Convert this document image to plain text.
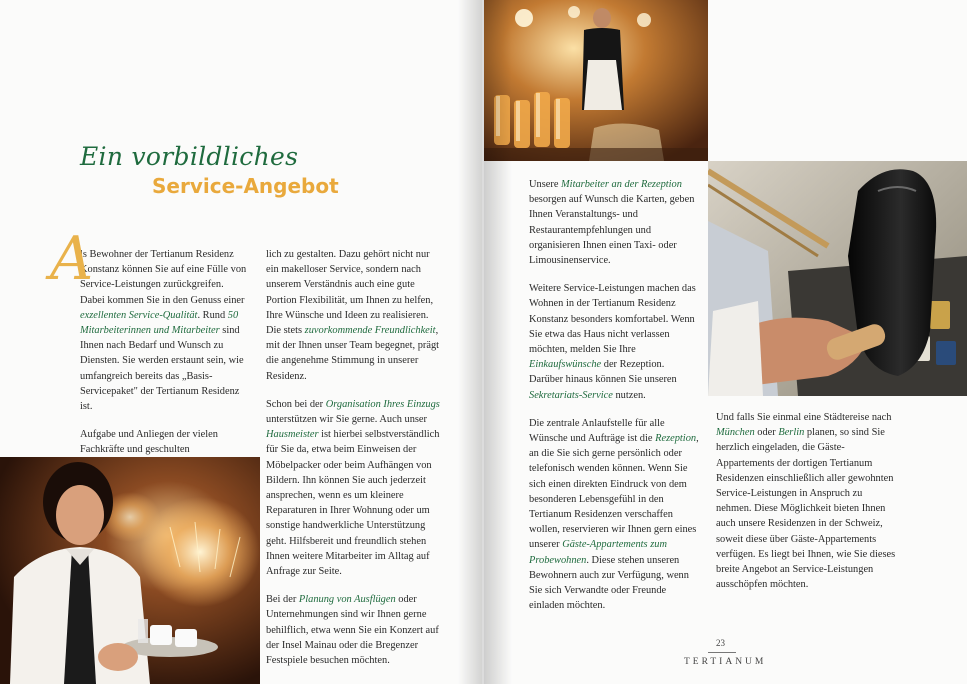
Ein vorbildliches
Service-Angebot
A

ls Bewohner der Tertianum Residenz Konstanz können Sie auf eine Fülle von Service-Leistungen zurückgreifen. Dabei kommen Sie in den Genuss einer exzellenten Service-Qualität. Rund 50 Mitarbeiterinnen und Mitarbeiter sind Ihnen nach Bedarf und Wunsch zu Diensten. Sie werden erstaunt sein, wie umfangreich bereits das „Basis-Servicepaket" der Tertianum Residenz ist.

Aufgabe und Anliegen der vielen Fachkräfte und geschulten

lich zu gestalten. Dazu gehört nicht nur ein makelloser Service, sondern nach unserem Verständnis auch eine gute Portion Flexibilität, um Ihnen zu helfen, Ihre Wünsche und Ideen zu realisieren. Die stets zuvorkommende Freundlichkeit, mit der Ihnen unser Team begegnet, prägt die angenehme Stimmung in unserer Residenz.

Schon bei der Organisation Ihres Einzugs unterstützen wir Sie gerne. Auch unser Hausmeister ist hierbei selbstverständlich für Sie da, etwa beim Einweisen der Möbelpacker oder beim Aufhängen von Bildern. Ihn können Sie auch jederzeit ansprechen, wenn es um kleinere Reparaturen in Ihrer Wohnung oder um sonstige handwerkliche Unterstützung geht. Hilfsbereit und freundlich stehen Ihnen weitere Mitarbeiter im Alltag auf Anfrage zur Seite.

Bei der Planung von Ausflügen oder Unternehmungen sind wir Ihnen gerne behilflich, etwa wenn Sie ein Konzert auf der Insel Mainau oder die Bregenzer Festspiele besuchen möchten.

Unsere Mitarbeiter an der Rezeption besorgen auf Wunsch die Karten, geben Ihnen Veranstaltungs- und Restaurantempfehlungen und organisieren Ihnen einen Taxi- oder Limousinenservice.

Weitere Service-Leistungen machen das Wohnen in der Tertianum Residenz Konstanz besonders komfortabel. Wenn Sie etwa das Haus nicht verlassen möchten, melden Sie Ihre Einkaufswünsche der Rezeption. Darüber hinaus können Sie unseren Sekretariats-Service nutzen.

Die zentrale Anlaufstelle für alle Wünsche und Aufträge ist die Rezeption, an die Sie sich gerne persönlich oder telefonisch wenden können. Wenn Sie sich einen direkten Eindruck von dem besonderen Lebensgefühl in den Tertianum Residenzen verschaffen wollen, reservieren wir Ihnen gern eines unserer Gäste-Appartements zum Probewohnen. Diese stehen unseren Bewohnern auch zur Verfügung, wenn Sie sich Verwandte oder Freunde einladen möchten.

Und falls Sie einmal eine Städtereise nach München oder Berlin planen, so sind Sie herzlich eingeladen, die Gäste-Appartements der dortigen Tertianum Residenzen einschließlich aller gewohnten Service-Leistungen in Anspruch zu nehmen. Diese Möglichkeit bieten Ihnen auch unsere Residenzen in der Schweiz, soweit diese über Gäste-Appartements verfügen. Es liegt bei Ihnen, wie Sie dieses breite Angebot an Service-Leistungen ausschöpfen möchten.

23
TERTIANUM
